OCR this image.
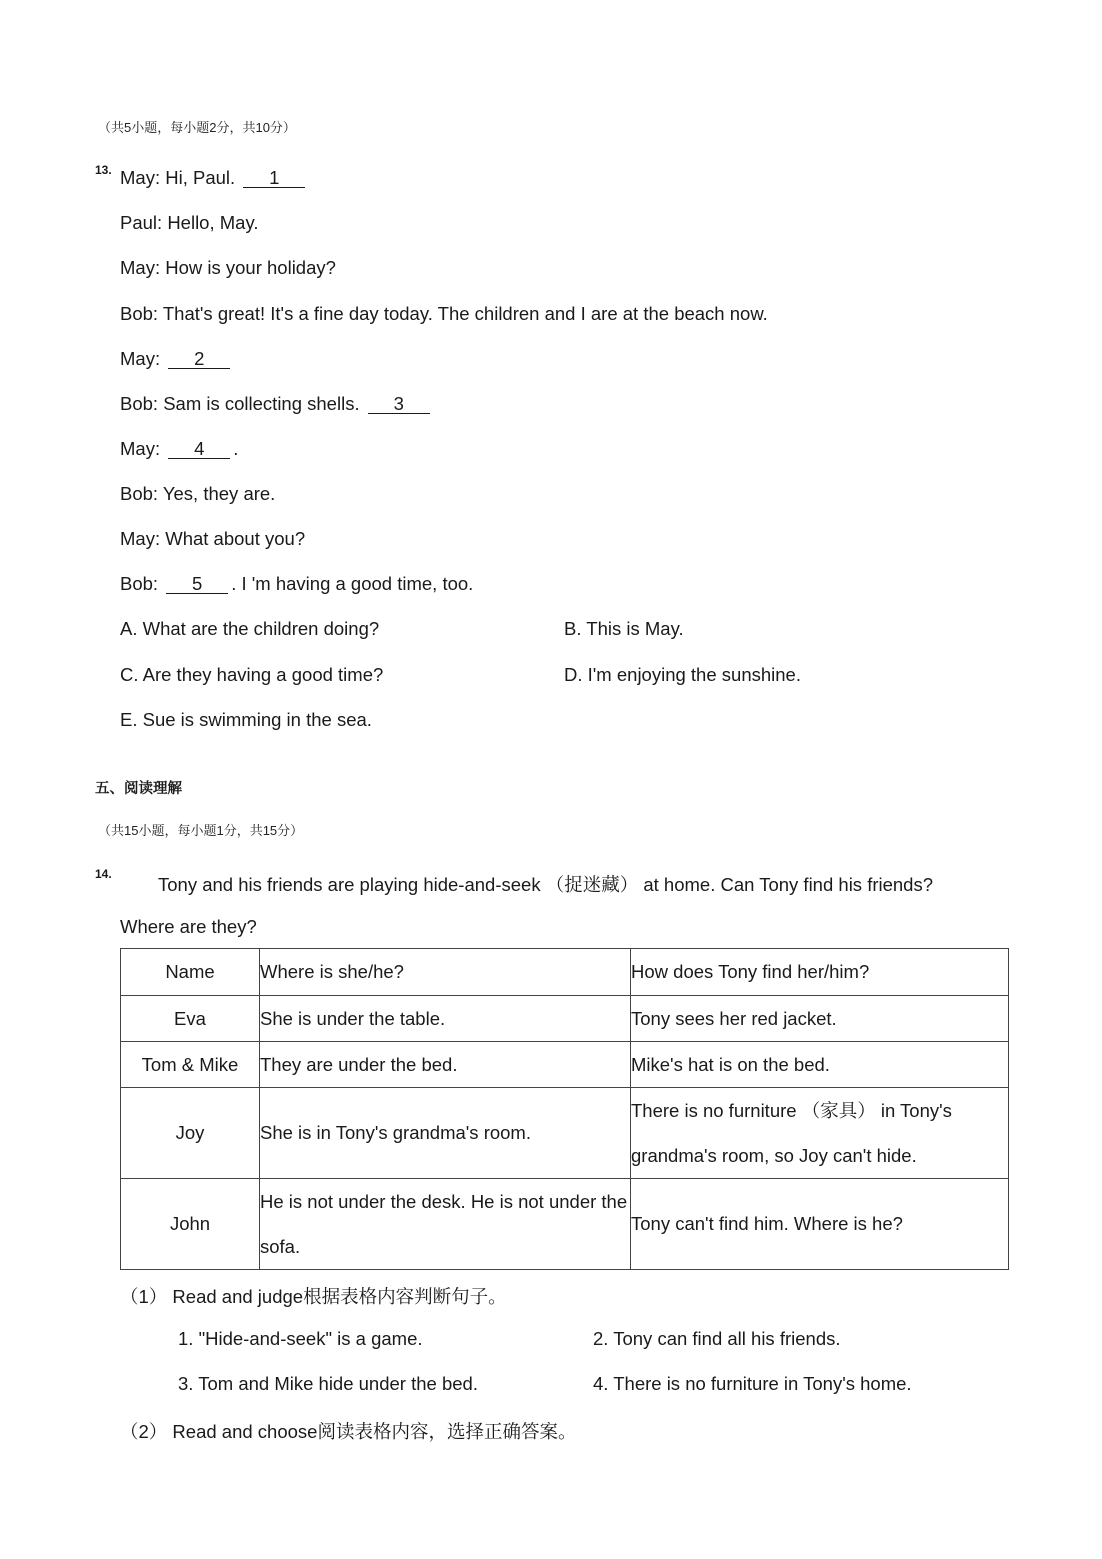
（共5小题，每小题2分，共10分）
13. May: Hi, Paul. 1
Paul: Hello, May.
May: How is your holiday?
Bob: That's great! It's a fine day today. The children and I are at the beach now.
May: 2
Bob: Sam is collecting shells. 3
May: 4 .
Bob: Yes, they are.
May: What about you?
Bob: 5 . I 'm having a good time, too.
A. What are the children doing?	B. This is May.
C. Are they having a good time?	D. I'm enjoying the sunshine.
E. Sue is swimming in the sea.
五、阅读理解
（共15小题，每小题1分，共15分）
14.	Tony and his friends are playing hide-and-seek （捉迷藏） at home. Can Tony find his friends?
Where are they?
Name	Where is she/he?	How does Tony find her/him?
Eva	She is under the table.	Tony sees her red jacket.
Tom & Mike	They are under the bed.	Mike's hat is on the bed.
Joy	She is in Tony's grandma's room.	There is no furniture （家具） in Tony's grandma's room, so Joy can't hide.
John	He is not under the desk. He is not under the sofa.	Tony can't find him. Where is he?
（1） Read and judge根据表格内容判断句子。
1. "Hide-and-seek" is a game.	2. Tony can find all his friends.
3. Tom and Mike hide under the bed.	4. There is no furniture in Tony's home.
（2） Read and choose阅读表格内容，选择正确答案。
